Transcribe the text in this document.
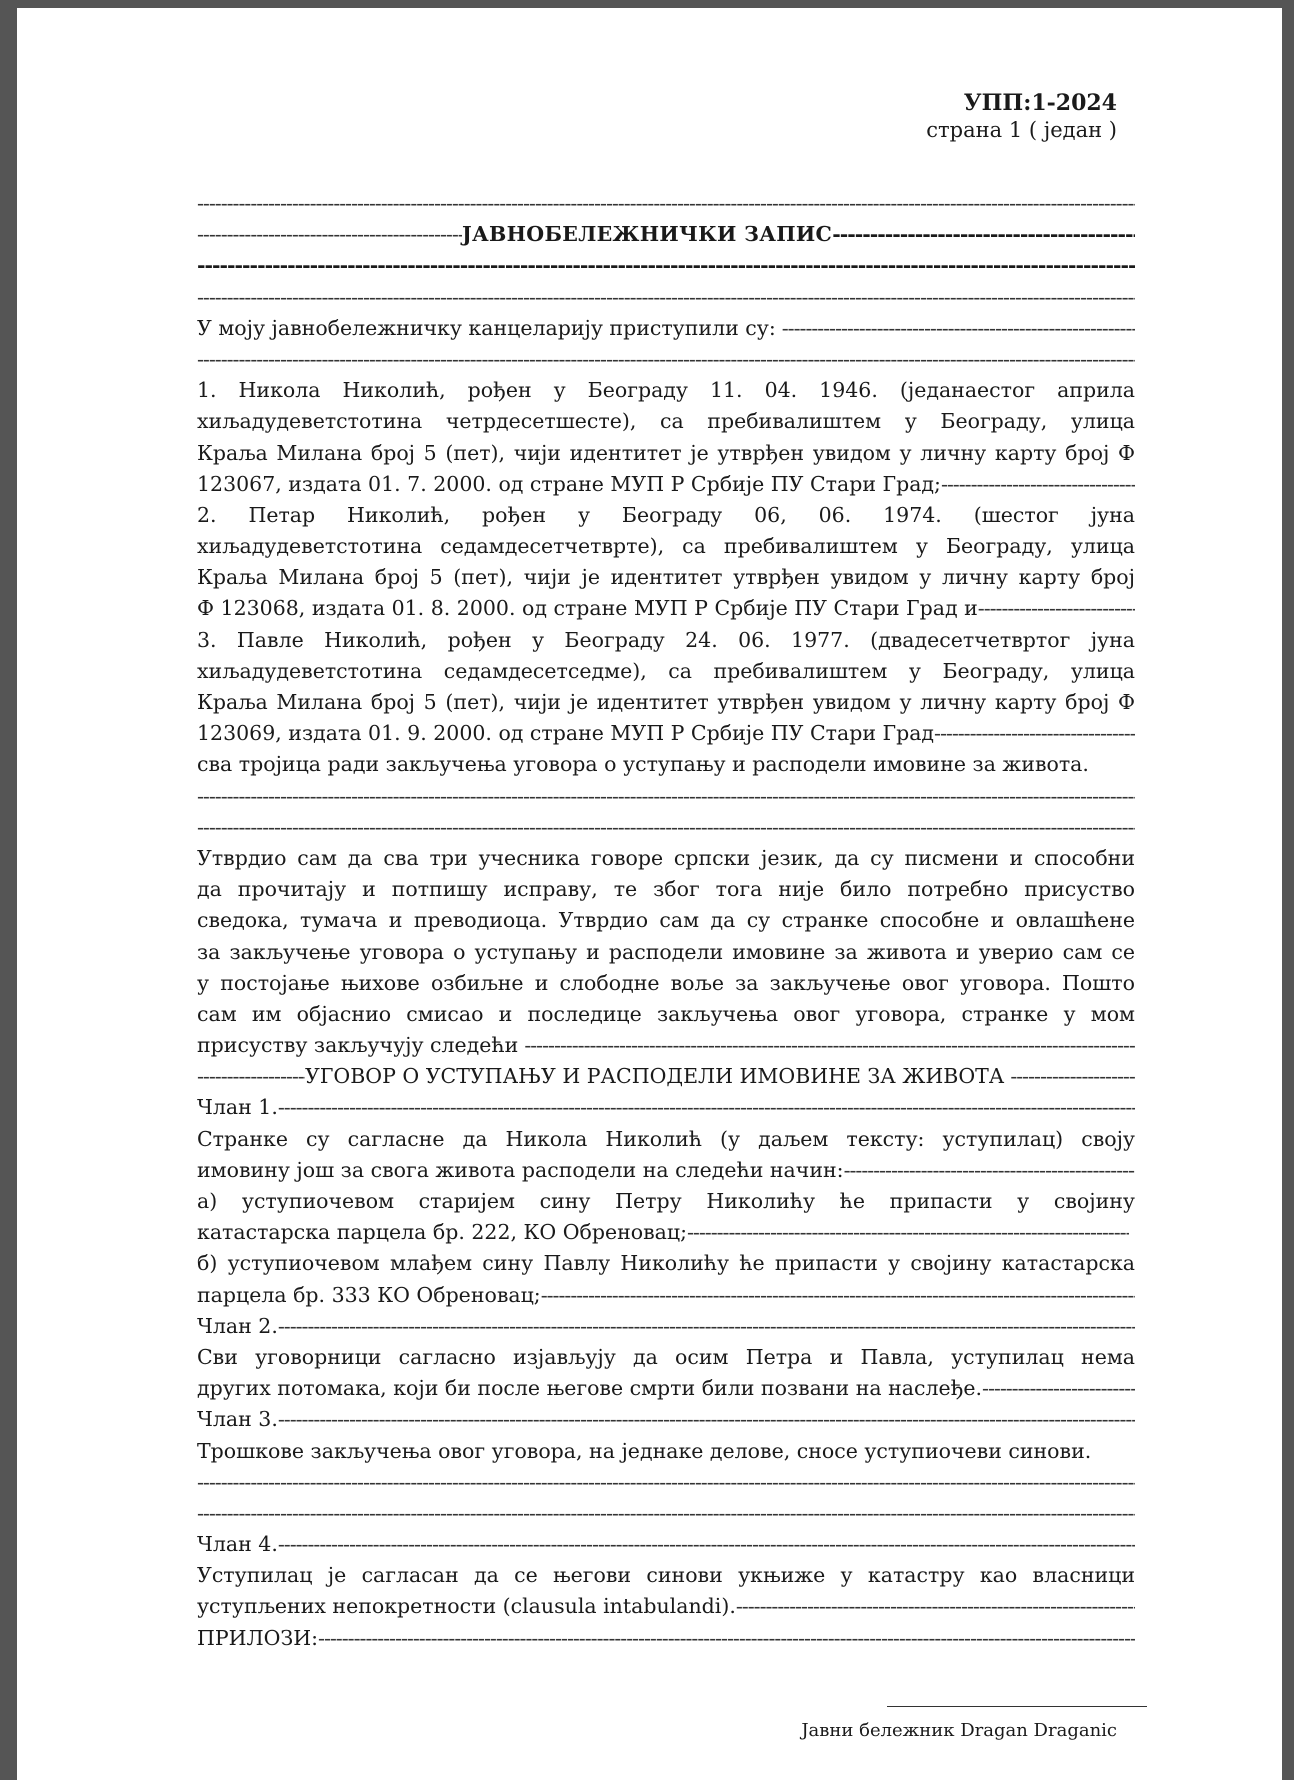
УПП:1-2024
страна 1 ( један )
-----
-----
ЈАВНОБЕЛЕЖНИЧКИ ЗАПИС
-----
-----
-----
У моју јавнобележничку канцеларију приступили су:
-----
-----
1. Никола Николић, рођен у Београду 11. 04. 1946. (једанаестог априла
хиљадудеветстотина четрдесетшесте), са пребивалиштем у Београду, улица
Краља Милана број 5 (пет), чији идентитет је утврђен увидом у личну карту број Ф
123067, издата 01. 7. 2000. од стране МУП Р Србије ПУ Стари Град;
-----
2. Петар Николић, рођен у Београду 06, 06. 1974. (шестог јуна
хиљадудеветстотина седамдесетчетврте), са пребивалиштем у Београду, улица
Краља Милана број 5 (пет), чији је идентитет утврђен увидом у личну карту број
Ф 123068, издата 01. 8. 2000. од стране МУП Р Србије ПУ Стари Град и
-----
3. Павле Николић, рођен у Београду 24. 06. 1977. (двадесетчетвртог јуна
хиљадудеветстотина седамдесетседме), са пребивалиштем у Београду, улица
Краља Милана број 5 (пет), чији је идентитет утврђен увидом у личну карту број Ф
123069, издата 01. 9. 2000. од стране МУП Р Србије ПУ Стари Град
-----
сва тројица ради закључења уговора о уступању и расподели имовине за живота.
-----
-----
Утврдио сам да сва три учесника говоре српски језик, да су писмени и способни
да прочитају и потпишу исправу, те због тога није било потребно присуство
сведока, тумача и преводиоца. Утврдио сам да су странке способне и овлашћене
за закључење уговора о уступању и расподели имовине за живота и уверио сам се
у постојање њихове озбиљне и слободне воље за закључење овог уговора. Пошто
сам им објаснио смисао и последице закључења овог уговора, странке у мом
присуству закључују следећи
-----
-----
УГОВОР О УСТУПАЊУ И РАСПОДЕЛИ ИМОВИНЕ ЗА ЖИВОТА
-----
Члан 1.
-----
Странке су сагласне да Никола Николић (у даљем тексту: уступилац) своју
имовину још за свога живота расподели на следећи начин:
-----
а) уступиочевом старијем сину Петру Николићу ће припасти у својину
катастарска парцела бр. 222, КО Обреновац;
-----
б) уступиочевом млађем сину Павлу Николићу ће припасти у својину катастарска
парцела бр. 333 КО Обреновац;
-----
Члан 2.
-----
Сви уговорници сагласно изјављују да осим Петра и Павла, уступилац нема
других потомака, који би после његове смрти били позвани на наслеђе.
-----
Члан 3.
-----
Трошкове закључења овог уговора, на једнаке делове, сносе уступиочеви синови.
-----
-----
Члан 4.
-----
Уступилац је сагласан да се његови синови укњиже у катастру као власници
уступљених непокретности (clausula intabulandi).
-----
ПРИЛОЗИ:
-----
Јавни бележник Dragan Draganic
